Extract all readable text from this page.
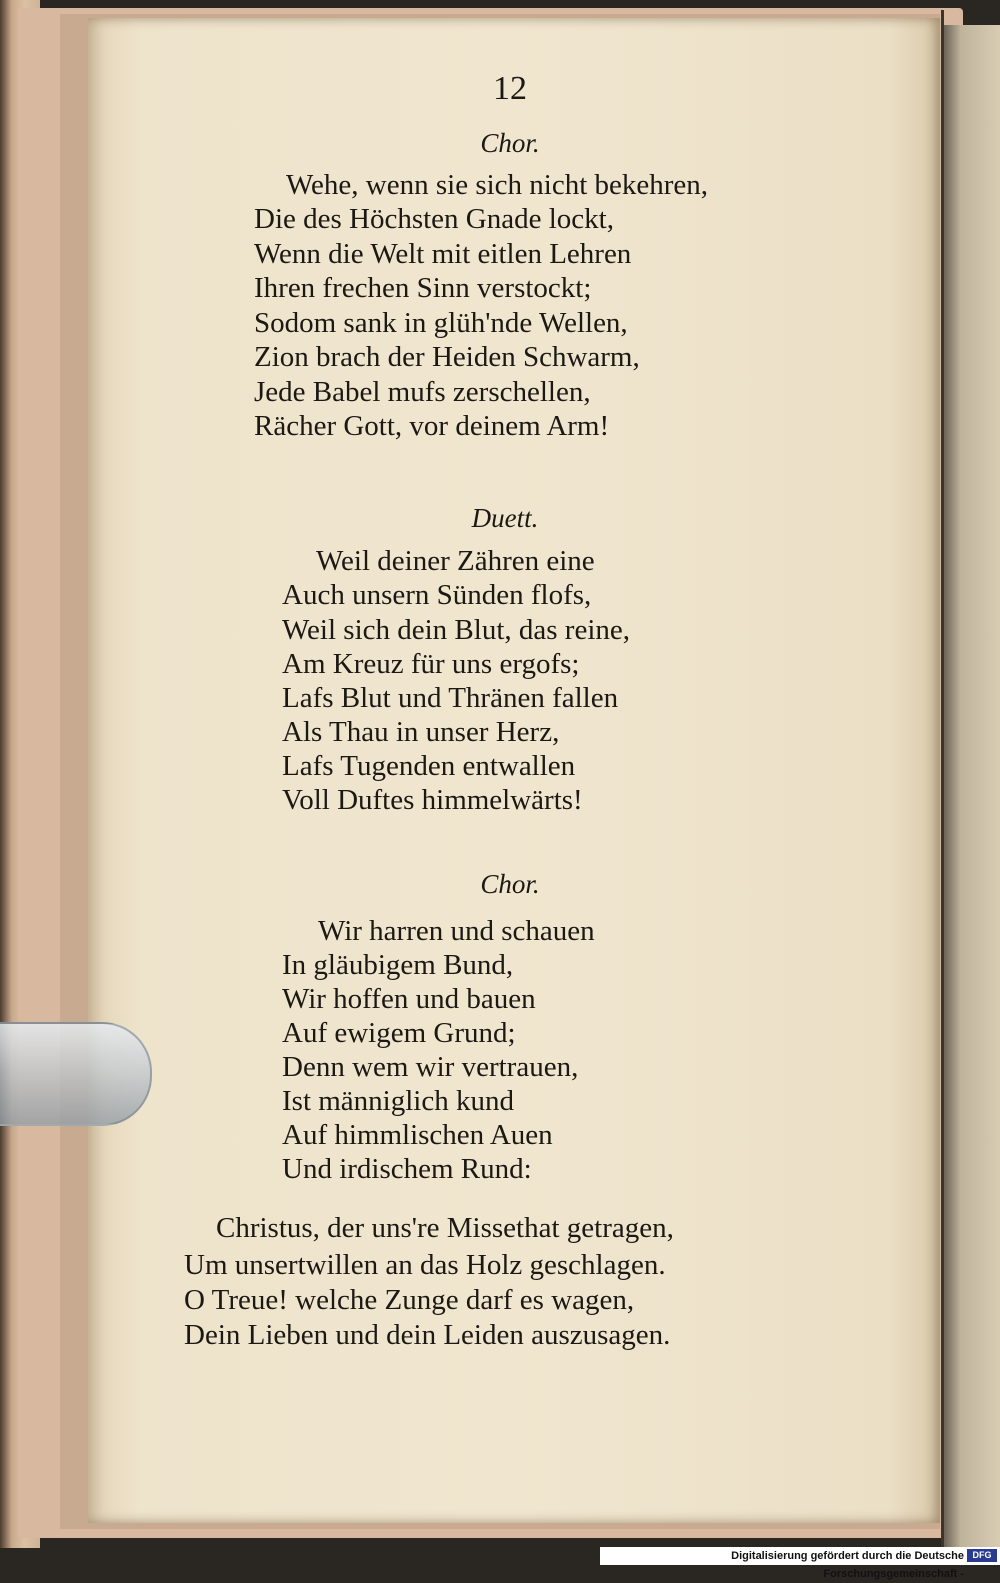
12
Chor.
Wehe, wenn sie sich nicht bekehren,
Die des Höchsten Gnade lockt,
Wenn die Welt mit eitlen Lehren
Ihren frechen Sinn verstockt;
Sodom sank in glüh'nde Wellen,
Zion brach der Heiden Schwarm,
Jede Babel mufs zerschellen,
Rächer Gott, vor deinem Arm!
Duett.
Weil deiner Zähren eine
Auch unsern Sünden flofs,
Weil sich dein Blut, das reine,
Am Kreuz für uns ergofs;
Lafs Blut und Thränen fallen
Als Thau in unser Herz,
Lafs Tugenden entwallen
Voll Duftes himmelwärts!
Chor.
Wir harren und schauen
In gläubigem Bund,
Wir hoffen und bauen
Auf ewigem Grund;
Denn wem wir vertrauen,
Ist männiglich kund
Auf himmlischen Auen
Und irdischem Rund:
Christus, der uns're Missethat getragen,
Um unsertwillen an das Holz geschlagen.
O Treue! welche Zunge darf es wagen,
Dein Lieben und dein Leiden auszusagen.
Digitalisierung gefördert durch die Deutsche Forschungsgemeinschaft -
DFG
